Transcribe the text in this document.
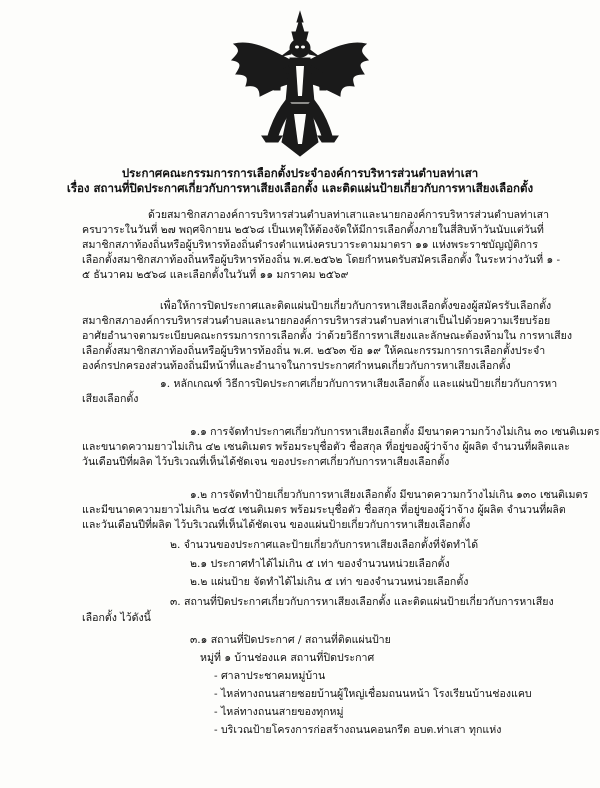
ประกาศคณะกรรมการการเลือกตั้งประจำองค์การบริหารส่วนตำบลท่าเสา
เรื่อง สถานที่ปิดประกาศเกี่ยวกับการหาเสียงเลือกตั้ง และติดแผ่นป้ายเกี่ยวกับการหาเสียงเลือกตั้ง
ด้วยสมาชิกสภาองค์การบริหารส่วนตำบลท่าเสาและนายกองค์การบริหารส่วนตำบลท่าเสา
ครบวาระในวันที่ ๒๗ พฤศจิกายน ๒๕๖๘ เป็นเหตุให้ต้องจัดให้มีการเลือกตั้งภายในสี่สิบห้าวันนับแต่วันที่
สมาชิกสภาท้องถิ่นหรือผู้บริหารท้องถิ่นดำรงตำแหน่งครบวาระตามมาตรา ๑๑ แห่งพระราชบัญญัติการ
เลือกตั้งสมาชิกสภาท้องถิ่นหรือผู้บริหารท้องถิ่น พ.ศ.๒๕๖๒ โดยกำหนดรับสมัครเลือกตั้ง ในระหว่างวันที่ ๑ -
๕ ธันวาคม ๒๕๖๘ และเลือกตั้งในวันที่ ๑๑ มกราคม ๒๕๖๙
เพื่อให้การปิดประกาศและติดแผ่นป้ายเกี่ยวกับการหาเสียงเลือกตั้งของผู้สมัครรับเลือกตั้ง
สมาชิกสภาองค์การบริหารส่วนตำบลและนายกองค์การบริหารส่วนตำบลท่าเสาเป็นไปด้วยความเรียบร้อย
อาศัยอำนาจตามระเบียบคณะกรรมการการเลือกตั้ง ว่าด้วยวิธีการหาเสียงและลักษณะต้องห้ามใน การหาเสียง
เลือกตั้งสมาชิกสภาท้องถิ่นหรือผู้บริหารท้องถิ่น พ.ศ. ๒๕๖๓ ข้อ ๑๙ ให้คณะกรรมการการเลือกตั้งประจำ
องค์กรปกครองส่วนท้องถิ่นมีหน้าที่และอำนาจในการประกาศกำหนดเกี่ยวกับการหาเสียงเลือกตั้ง
๑. หลักเกณฑ์ วิธีการปิดประกาศเกี่ยวกับการหาเสียงเลือกตั้ง และแผ่นป้ายเกี่ยวกับการหา
เสียงเลือกตั้ง
๑.๑ การจัดทำประกาศเกี่ยวกับการหาเสียงเลือกตั้ง มีขนาดความกว้างไม่เกิน ๓๐ เซนติเมตร
และขนาดความยาวไม่เกิน ๔๒ เซนติเมตร พร้อมระบุชื่อตัว ชื่อสกุล ที่อยู่ของผู้ว่าจ้าง ผู้ผลิต จำนวนที่ผลิตและ
วันเดือนปีที่ผลิต ไว้บริเวณที่เห็นได้ชัดเจน ของประกาศเกี่ยวกับการหาเสียงเลือกตั้ง
๑.๒ การจัดทำป้ายเกี่ยวกับการหาเสียงเลือกตั้ง มีขนาดความกว้างไม่เกิน ๑๓๐ เซนติเมตร
และมีขนาดความยาวไม่เกิน ๒๔๕ เซนติเมตร พร้อมระบุชื่อตัว ชื่อสกุล ที่อยู่ของผู้ว่าจ้าง ผู้ผลิต จำนวนที่ผลิต
และวันเดือนปีที่ผลิต ไว้บริเวณที่เห็นได้ชัดเจน ของแผ่นป้ายเกี่ยวกับการหาเสียงเลือกตั้ง
๒. จำนวนของประกาศและป้ายเกี่ยวกับการหาเสียงเลือกตั้งที่จัดทำได้
๒.๑ ประกาศทำได้ไม่เกิน ๕ เท่า ของจำนวนหน่วยเลือกตั้ง
๒.๒ แผ่นป้าย จัดทำได้ไม่เกิน ๕ เท่า ของจำนวนหน่วยเลือกตั้ง
๓. สถานที่ปิดประกาศเกี่ยวกับการหาเสียงเลือกตั้ง และติดแผ่นป้ายเกี่ยวกับการหาเสียง
เลือกตั้ง ไว้ดังนี้
๓.๑ สถานที่ปิดประกาศ / สถานที่ติดแผ่นป้าย
หมู่ที่ ๑ บ้านช่องแค สถานที่ปิดประกาศ
- ศาลาประชาคมหมู่บ้าน
- ไหล่ทางถนนสายซอยบ้านผู้ใหญ่เชื่อมถนนหน้า โรงเรียนบ้านช่องแคบ
- ไหล่ทางถนนสายของทุกหมู่
- บริเวณป้ายโครงการก่อสร้างถนนคอนกรีต อบต.ท่าเสา ทุกแห่ง
